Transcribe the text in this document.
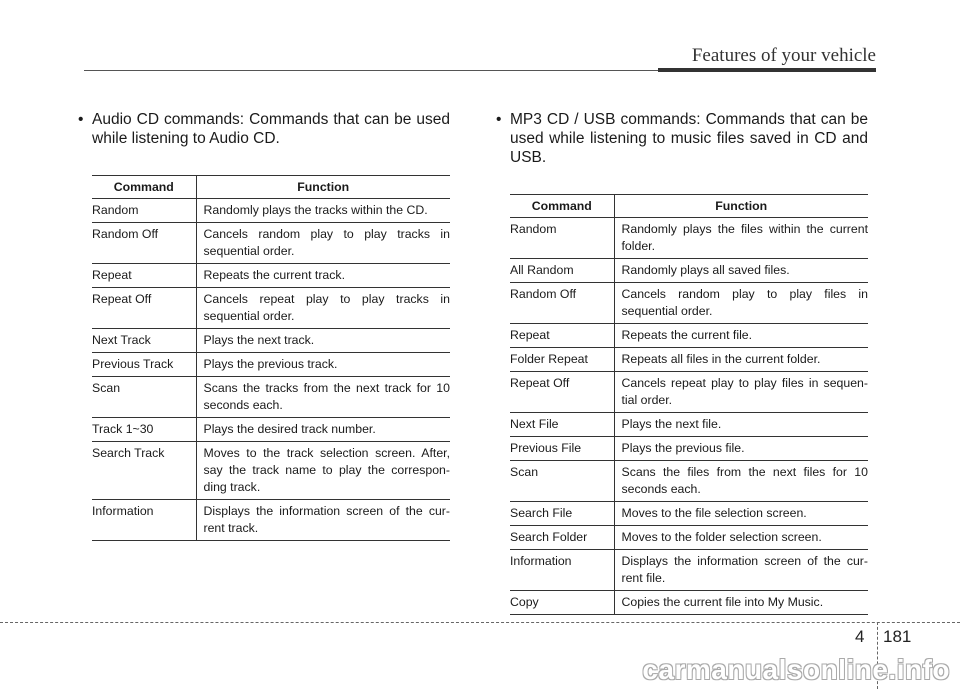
Features of your vehicle

• Audio CD commands: Commands that can be used while listening to Audio CD.

Command	Function
Random	Randomly plays the tracks within the CD.
Random Off	Cancels random play to play tracks in sequential order.
Repeat	Repeats the current track.
Repeat Off	Cancels repeat play to play tracks in sequential order.
Next Track	Plays the next track.
Previous Track	Plays the previous track.
Scan	Scans the tracks from the next track for 10 seconds each.
Track 1~30	Plays the desired track number.
Search Track	Moves to the track selection screen. After, say the track name to play the correspon-ding track.
Information	Displays the information screen of the cur-rent track.

• MP3 CD / USB commands: Commands that can be used while listening to music files saved in CD and USB.

Command	Function
Random	Randomly plays the files within the current folder.
All Random	Randomly plays all saved files.
Random Off	Cancels random play to play files in sequential order.
Repeat	Repeats the current file.
Folder Repeat	Repeats all files in the current folder.
Repeat Off	Cancels repeat play to play files in sequen-tial order.
Next File	Plays the next file.
Previous File	Plays the previous file.
Scan	Scans the files from the next files for 10 seconds each.
Search File	Moves to the file selection screen.
Search Folder	Moves to the folder selection screen.
Information	Displays the information screen of the cur-rent file.
Copy	Copies the current file into My Music.
4 181
carmanualsonline.info
